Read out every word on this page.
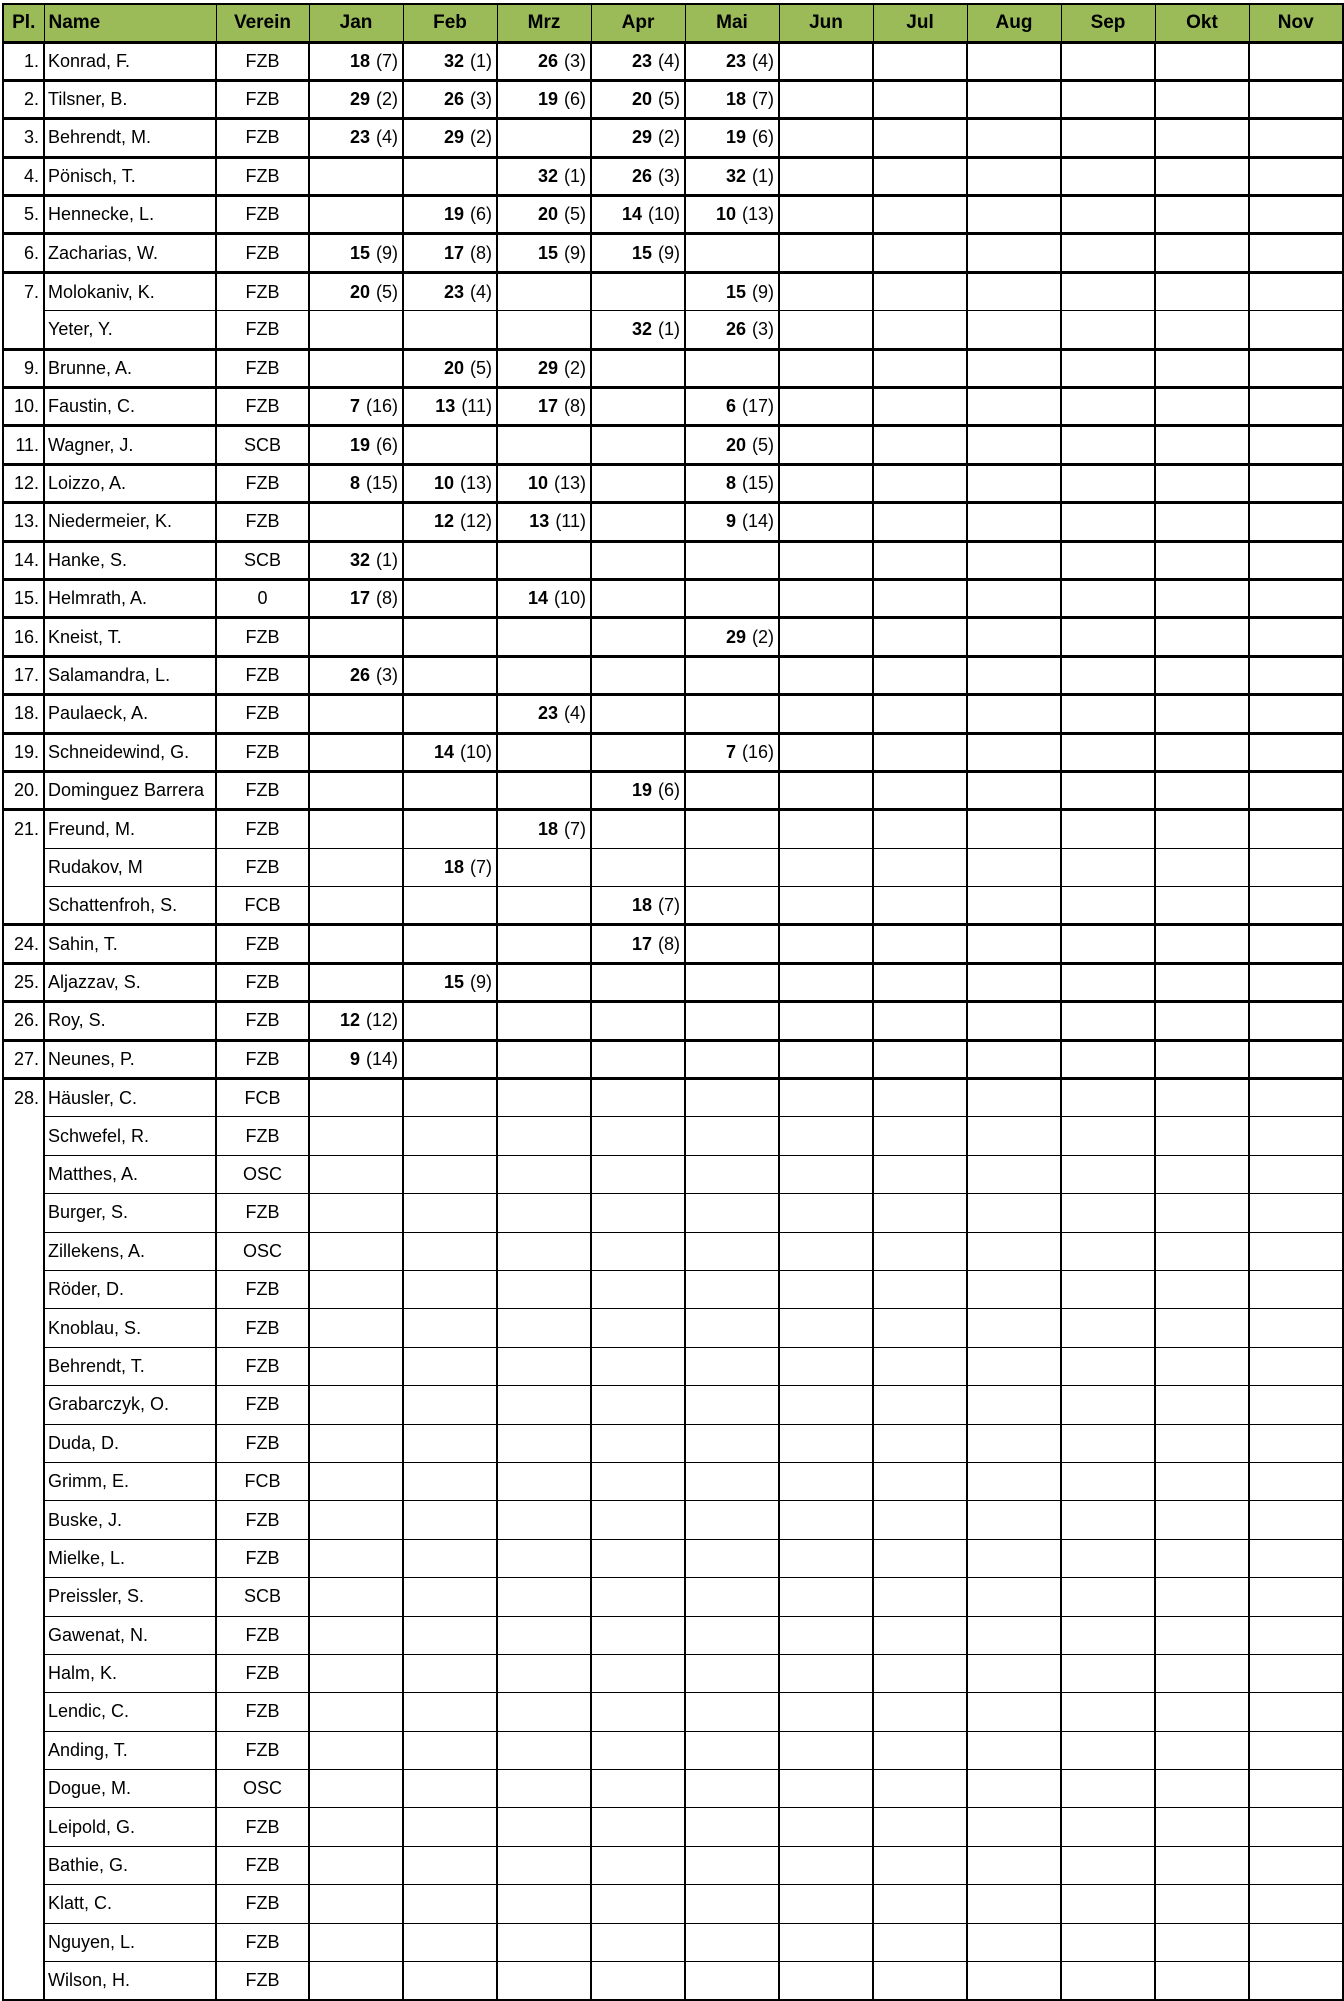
Pl.	Name	Verein	Jan	Feb	Mrz	Apr	Mai	Jun	Jul	Aug	Sep	Okt	Nov
1.	Konrad, F.	FZB	18 (7)	32 (1)	26 (3)	23 (4)	23 (4)						

2.	Tilsner, B.	FZB	29 (2)	26 (3)	19 (6)	20 (5)	18 (7)						

3.	Behrendt, M.	FZB	23 (4)	29 (2)		29 (2)	19 (6)						

4.	Pönisch, T.	FZB			32 (1)	26 (3)	32 (1)						

5.	Hennecke, L.	FZB		19 (6)	20 (5)	14 (10)	10 (13)						

6.	Zacharias, W.	FZB	15 (9)	17 (8)	15 (9)	15 (9)							

7.	Molokaniv, K.	FZB	20 (5)	23 (4)			15 (9)						

	Yeter, Y.	FZB				32 (1)	26 (3)						

9.	Brunne, A.	FZB		20 (5)	29 (2)								

10.	Faustin, C.	FZB	7 (16)	13 (11)	17 (8)		6 (17)						

11.	Wagner, J.	SCB	19 (6)				20 (5)						

12.	Loizzo, A.	FZB	8 (15)	10 (13)	10 (13)		8 (15)						

13.	Niedermeier, K.	FZB		12 (12)	13 (11)		9 (14)						

14.	Hanke, S.	SCB	32 (1)										

15.	Helmrath, A.	0	17 (8)		14 (10)								

16.	Kneist, T.	FZB					29 (2)						

17.	Salamandra, L.	FZB	26 (3)										

18.	Paulaeck, A.	FZB			23 (4)								

19.	Schneidewind, G.	FZB		14 (10)			7 (16)						

20.	Dominguez Barrera	FZB				19 (6)							

21.	Freund, M.	FZB			18 (7)								

	Rudakov, M	FZB		18 (7)									

	Schattenfroh, S.	FCB				18 (7)							

24.	Sahin, T.	FZB				17 (8)							

25.	Aljazzav, S.	FZB		15 (9)									

26.	Roy, S.	FZB	12 (12)										

27.	Neunes, P.	FZB	9 (14)										

28.	Häusler, C.	FCB											
	Schwefel, R.	FZB											
	Matthes, A.	OSC											
	Burger, S.	FZB											
	Zillekens, A.	OSC											
	Röder, D.	FZB											
	Knoblau, S.	FZB											
	Behrendt, T.	FZB											
	Grabarczyk, O.	FZB											
	Duda, D.	FZB											
	Grimm, E.	FCB											
	Buske, J.	FZB											
	Mielke, L.	FZB											
	Preissler, S.	SCB											
	Gawenat, N.	FZB											
	Halm, K.	FZB											
	Lendic, C.	FZB											
	Anding, T.	FZB											
	Dogue, M.	OSC											
	Leipold, G.	FZB											
	Bathie, G.	FZB											
	Klatt, C.	FZB											
	Nguyen, L.	FZB											
	Wilson, H.	FZB											
